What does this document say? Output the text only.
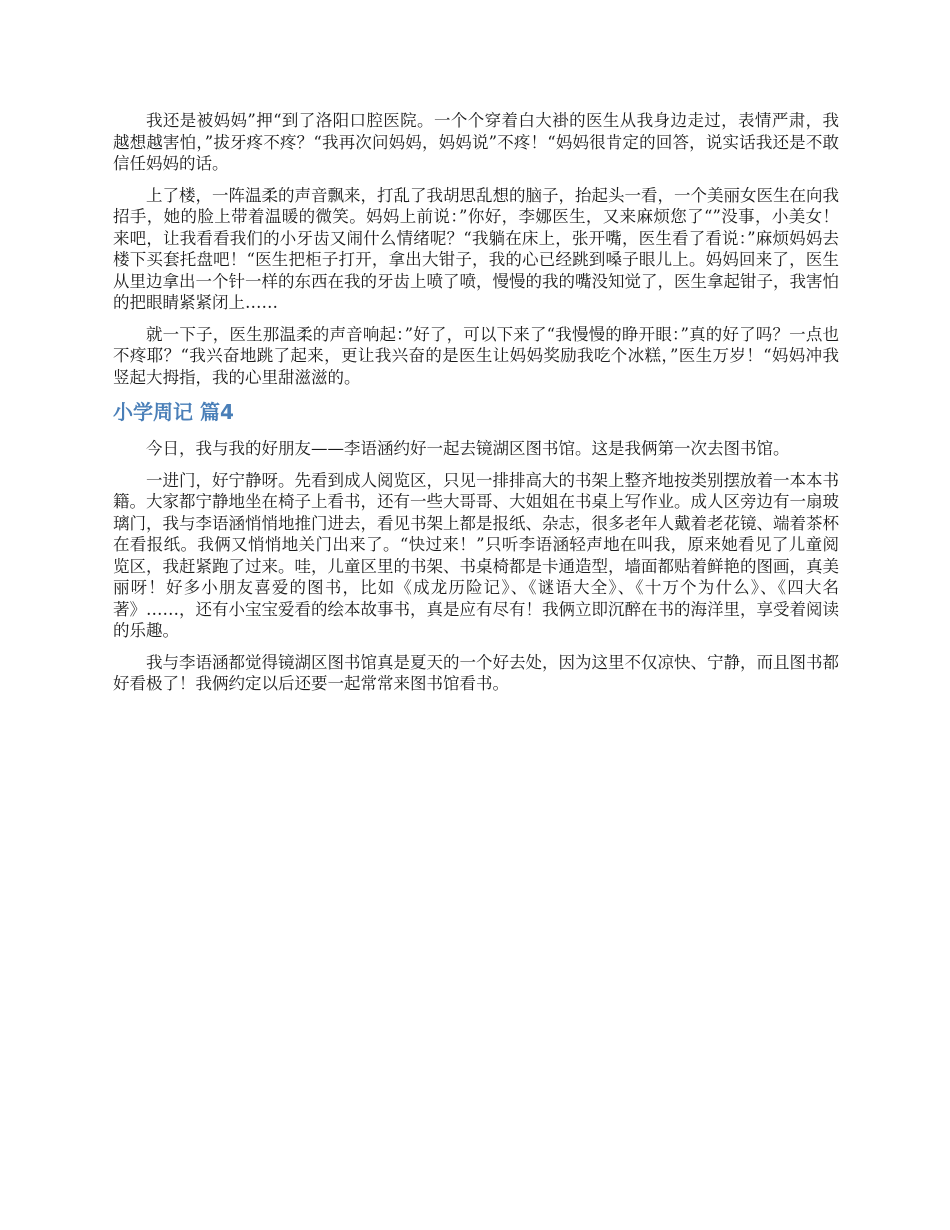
我还是被妈妈”押“到了洛阳口腔医院。一个个穿着白大褂的医生从我身边走过，表情严肃，我越想越害怕，”拔牙疼不疼？“我再次问妈妈，妈妈说”不疼！“妈妈很肯定的回答，说实话我还是不敢信任妈妈的话。

上了楼，一阵温柔的声音飘来，打乱了我胡思乱想的脑子，抬起头一看，一个美丽女医生在向我招手，她的脸上带着温暖的微笑。妈妈上前说：”你好，李娜医生，又来麻烦您了“”没事，小美女！来吧，让我看看我们的小牙齿又闹什么情绪呢？“我躺在床上，张开嘴，医生看了看说：”麻烦妈妈去楼下买套托盘吧！“医生把柜子打开，拿出大钳子，我的心已经跳到嗓子眼儿上。妈妈回来了，医生从里边拿出一个针一样的东西在我的牙齿上喷了喷，慢慢的我的嘴没知觉了，医生拿起钳子，我害怕的把眼睛紧紧闭上……

就一下子，医生那温柔的声音响起：”好了，可以下来了“我慢慢的睁开眼：”真的好了吗？一点也不疼耶？“我兴奋地跳了起来，更让我兴奋的是医生让妈妈奖励我吃个冰糕，”医生万岁！“妈妈冲我竖起大拇指，我的心里甜滋滋的。

小学周记 篇4

今日，我与我的好朋友——李语涵约好一起去镜湖区图书馆。这是我俩第一次去图书馆。

一进门，好宁静呀。先看到成人阅览区，只见一排排高大的书架上整齐地按类别摆放着一本本书籍。大家都宁静地坐在椅子上看书，还有一些大哥哥、大姐姐在书桌上写作业。成人区旁边有一扇玻璃门，我与李语涵悄悄地推门进去，看见书架上都是报纸、杂志，很多老年人戴着老花镜、端着茶杯在看报纸。我俩又悄悄地关门出来了。“快过来！”只听李语涵轻声地在叫我，原来她看见了儿童阅览区，我赶紧跑了过来。哇，儿童区里的书架、书桌椅都是卡通造型，墙面都贴着鲜艳的图画，真美丽呀！好多小朋友喜爱的图书，比如《成龙历险记》、《谜语大全》、《十万个为什么》、《四大名著》……，还有小宝宝爱看的绘本故事书，真是应有尽有！我俩立即沉醉在书的海洋里，享受着阅读的乐趣。

我与李语涵都觉得镜湖区图书馆真是夏天的一个好去处，因为这里不仅凉快、宁静，而且图书都好看极了！我俩约定以后还要一起常常来图书馆看书。
